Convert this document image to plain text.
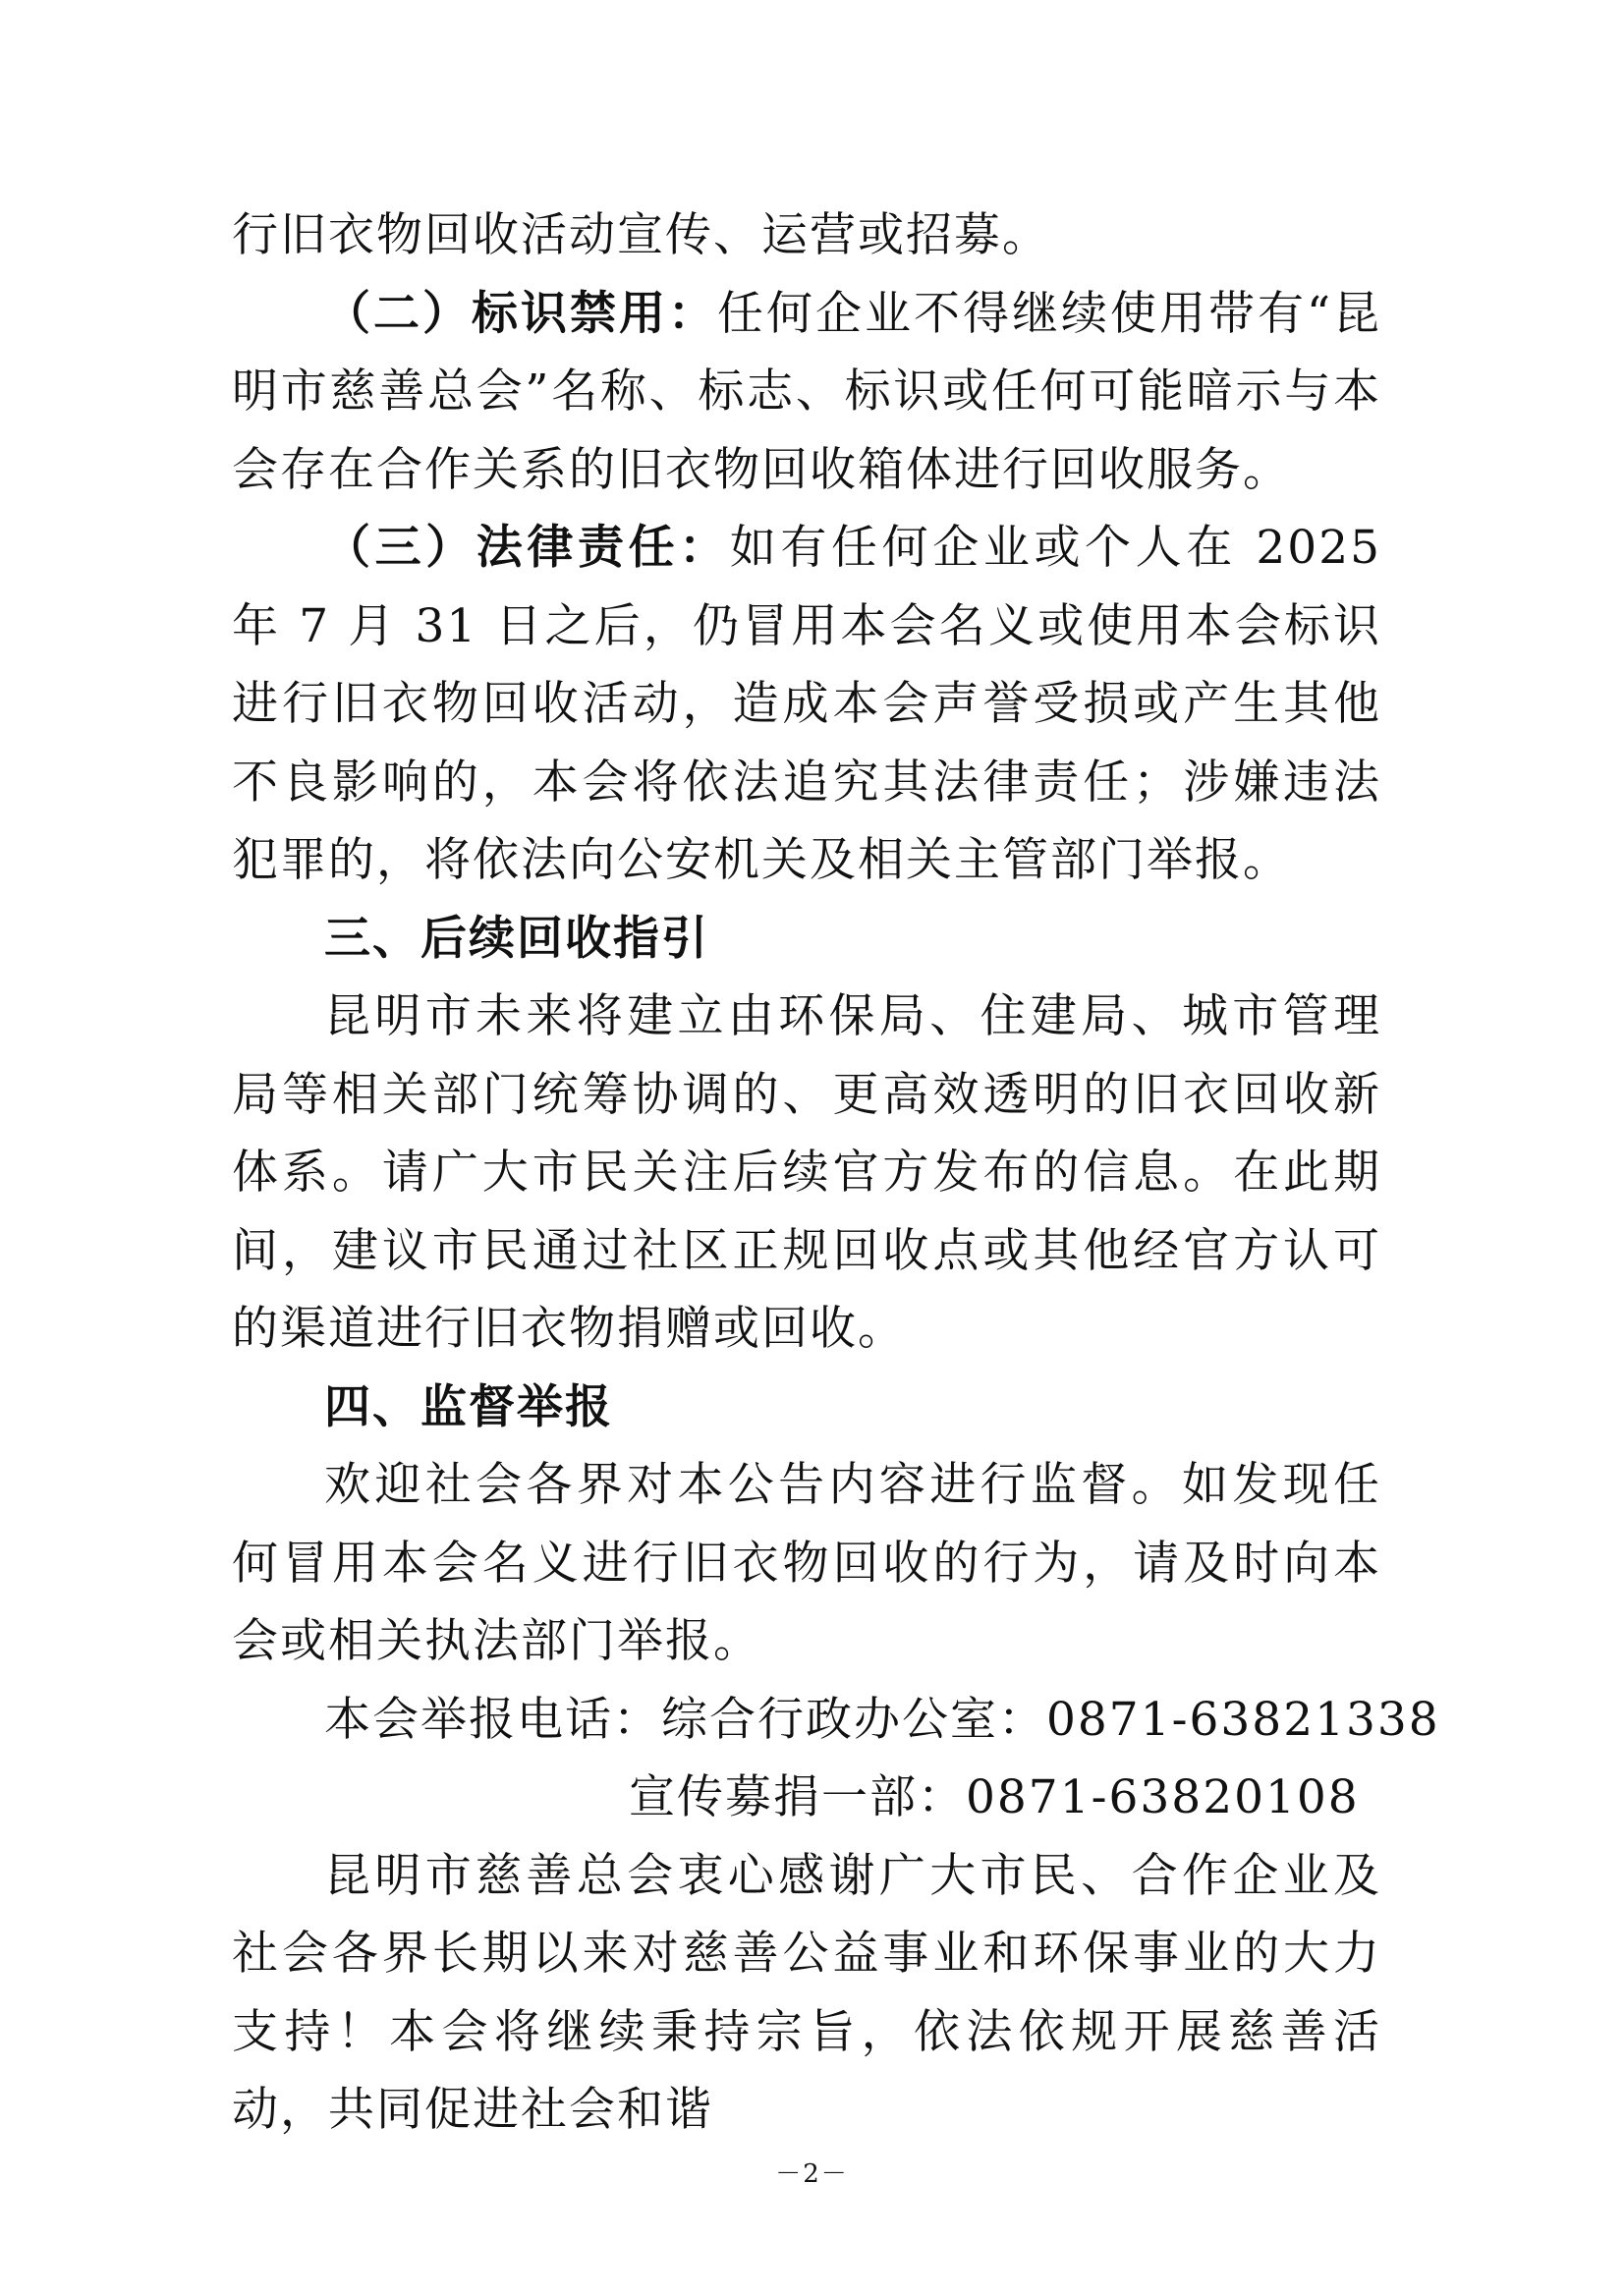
行旧衣物回收活动宣传、运营或招募。

（二）标识禁用：任何企业不得继续使用带有“昆明市慈善总会”名称、标志、标识或任何可能暗示与本会存在合作关系的旧衣物回收箱体进行回收服务。

（三）法律责任：如有任何企业或个人在 2025 年 7 月 31 日之后，仍冒用本会名义或使用本会标识进行旧衣物回收活动，造成本会声誉受损或产生其他不良影响的，本会将依法追究其法律责任；涉嫌违法犯罪的，将依法向公安机关及相关主管部门举报。

三、后续回收指引

昆明市未来将建立由环保局、住建局、城市管理局等相关部门统筹协调的、更高效透明的旧衣回收新体系。请广大市民关注后续官方发布的信息。在此期间，建议市民通过社区正规回收点或其他经官方认可的渠道进行旧衣物捐赠或回收。

四、监督举报

欢迎社会各界对本公告内容进行监督。如发现任何冒用本会名义进行旧衣物回收的行为，请及时向本会或相关执法部门举报。

本会举报电话：综合行政办公室：0871-63821338

宣传募捐一部：0871-63820108

昆明市慈善总会衷心感谢广大市民、合作企业及社会各界长期以来对慈善公益事业和环保事业的大力支持！本会将继续秉持宗旨，依法依规开展慈善活动，共同促进社会和谐

－2－
